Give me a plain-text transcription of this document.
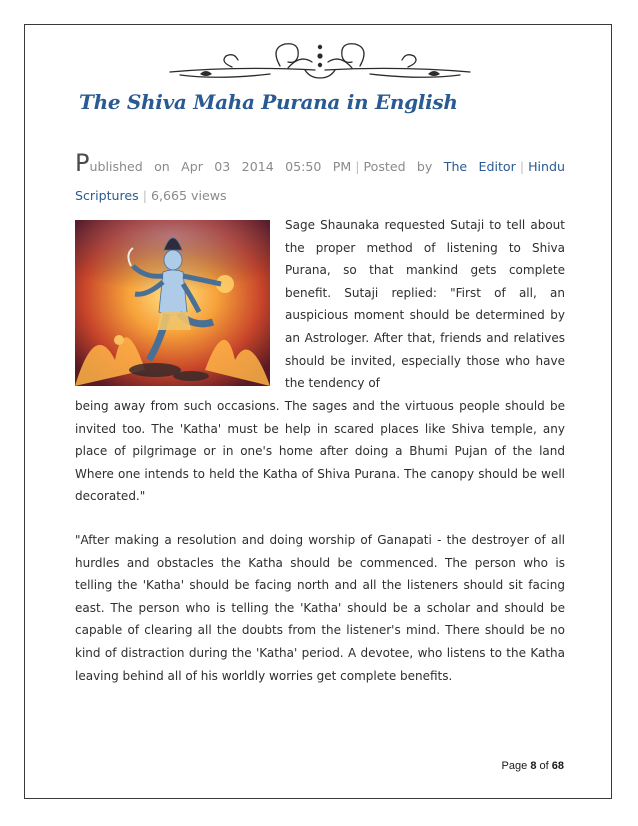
The Shiva Maha Purana in English
Published on Apr 03 2014 05:50 PM | Posted by The Editor | Hindu Scriptures | 6,665 views

Sage Shaunaka requested Sutaji to tell about the proper method of listening to Shiva Purana, so that mankind gets complete benefit. Sutaji replied: "First of all, an auspicious moment should be determined by an Astrologer. After that, friends and relatives should be invited, especially those who have the tendency of

being away from such occasions. The sages and the virtuous people should be invited too. The 'Katha' must be help in scared places like Shiva temple, any place of pilgrimage or in one's home after doing a Bhumi Pujan of the land Where one intends to held the Katha of Shiva Purana. The canopy should be well decorated."

"After making a resolution and doing worship of Ganapati - the destroyer of all hurdles and obstacles the Katha should be commenced. The person who is telling the 'Katha' should be facing north and all the listeners should sit facing east. The person who is telling the 'Katha' should be a scholar and should be capable of clearing all the doubts from the listener's mind. There should be no kind of distraction during the 'Katha' period. A devotee, who listens to the Katha leaving behind all of his worldly worries get complete benefits.

Page 8 of 68
